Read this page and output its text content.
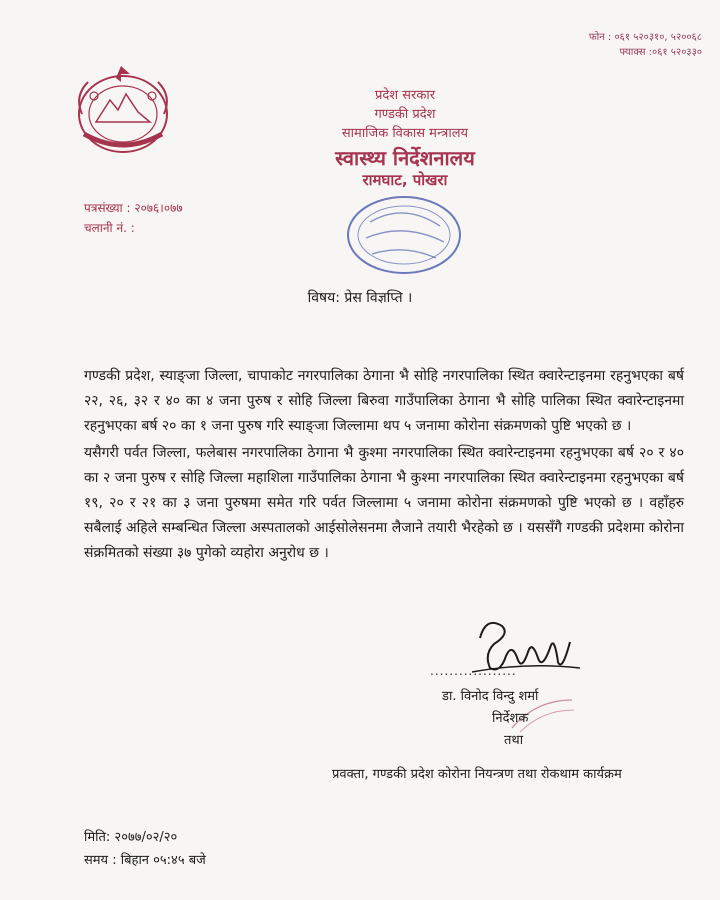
फोन : ०६१ ५२०३१०, ५२००६८
फ्याक्स :०६१ ५२०३३०
प्रदेश सरकार
गण्डकी प्रदेश
सामाजिक विकास मन्त्रालय
स्वास्थ्य निर्देशनालय
रामघाट, पोखरा
पत्रसंख्या : २०७६।०७७
चलानी नं. :
विषय: प्रेस विज्ञप्ति ।

गण्डकी प्रदेश, स्याङ्जा जिल्ला, चापाकोट नगरपालिका ठेगाना भै सोहि नगरपालिका स्थित क्वारेन्टाइनमा रहनुभएका बर्ष २२, २६, ३२ र ४० का ४ जना पुरुष र सोहि जिल्ला बिरुवा गाउँपालिका ठेगाना भै सोहि पालिका स्थित क्वारेन्टाइनमा रहनुभएका बर्ष २० का १ जना पुरुष गरि स्याङ्जा जिल्लामा थप ५ जनामा कोरोना संक्रमणको पुष्टि भएको छ ।

यसैगरी पर्वत जिल्ला, फलेबास नगरपालिका ठेगाना भै कुश्मा नगरपालिका स्थित क्वारेन्टाइनमा रहनुभएका बर्ष २० र ४० का २ जना पुरुष र सोहि जिल्ला महाशिला गाउँपालिका ठेगाना भै कुश्मा नगरपालिका स्थित क्वारेन्टाइनमा रहनुभएका बर्ष १९, २० र २१ का ३ जना पुरुषमा समेत गरि पर्वत जिल्लामा ५ जनामा कोरोना संक्रमणको पुष्टि भएको छ । वहाँहरु सबैलाई अहिले सम्बन्धित जिल्ला अस्पतालको आईसोलेसनमा लैजाने तयारी भैरहेको छ । यससँगै गण्डकी प्रदेशमा कोरोना संक्रमितको संख्या ३७ पुगेको व्यहोरा अनुरोध छ ।

..................
डा. विनोद विन्दु शर्मा
निर्देशक
तथा
प्रवक्ता, गण्डकी प्रदेश कोरोना नियन्त्रण तथा रोकथाम कार्यक्रम
मिति: २०७७/०२/२०
समय : बिहान ०५:४५ बजे
